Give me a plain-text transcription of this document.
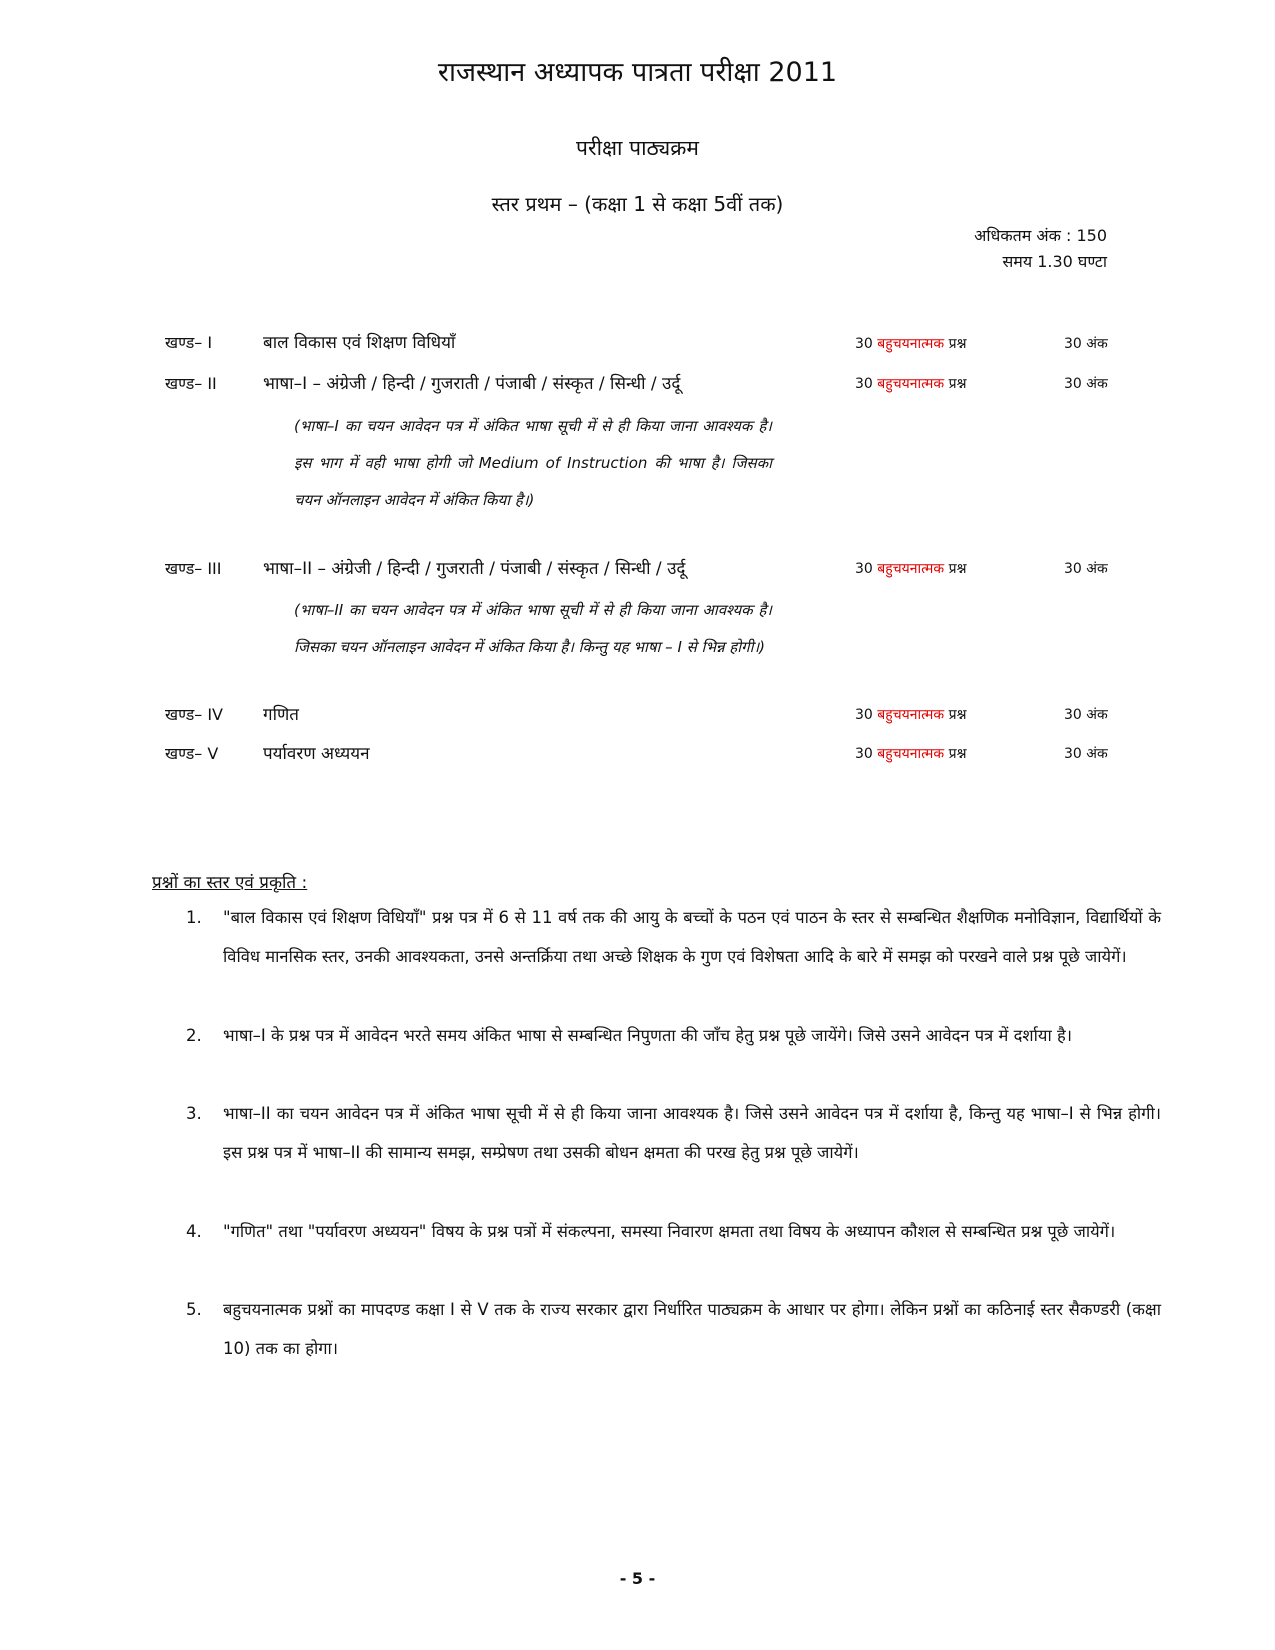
राजस्थान अध्यापक पात्रता परीक्षा 2011
परीक्षा पाठ्यक्रम
स्तर प्रथम – (कक्षा 1 से कक्षा 5वीं तक)
अधिकतम अंक : 150
समय 1.30 घण्टा
खण्ड– I	बाल विकास एवं शिक्षण विधियाँ	30 बहुचयनात्मक प्रश्न	30 अंक
खण्ड– II	भाषा–I – अंग्रेजी / हिन्दी / गुजराती / पंजाबी / संस्कृत / सिन्धी / उर्दू	30 बहुचयनात्मक प्रश्न	30 अंक
(भाषा–I का चयन आवेदन पत्र में अंकित भाषा सूची में से ही किया जाना आवश्यक है। इस भाग में वही भाषा होगी जो Medium of Instruction की भाषा है। जिसका चयन ऑनलाइन आवेदन में अंकित किया है।)
खण्ड– III भाषा–II – अंग्रेजी / हिन्दी / गुजराती / पंजाबी / संस्कृत / सिन्धी / उर्दू	30 बहुचयनात्मक प्रश्न	30 अंक
(भाषा–II का चयन आवेदन पत्र में अंकित भाषा सूची में से ही किया जाना आवश्यक है। जिसका चयन ऑनलाइन आवेदन में अंकित किया है। किन्तु यह भाषा – I से भिन्न होगी।)
खण्ड– IV गणित	30 बहुचयनात्मक प्रश्न	30 अंक
खण्ड– V	पर्यावरण अध्ययन	30 बहुचयनात्मक प्रश्न	30 अंक
प्रश्नों का स्तर एवं प्रकृति :
1.	"बाल विकास एवं शिक्षण विधियाँ" प्रश्न पत्र में 6 से 11 वर्ष तक की आयु के बच्चों के पठन एवं पाठन के स्तर से सम्बन्धित शैक्षणिक मनोविज्ञान, विद्यार्थियों के विविध मानसिक स्तर, उनकी आवश्यकता, उनसे अन्तर्क्रिया तथा अच्छे शिक्षक के गुण एवं विशेषता आदि के बारे में समझ को परखने वाले प्रश्न पूछे जायेगें।
2.	भाषा–I के प्रश्न पत्र में आवेदन भरते समय अंकित भाषा से सम्बन्धित निपुणता की जाँच हेतु प्रश्न पूछे जायेंगे। जिसे उसने आवेदन पत्र में दर्शाया है।
3.	भाषा–II का चयन आवेदन पत्र में अंकित भाषा सूची में से ही किया जाना आवश्यक है। जिसे उसने आवेदन पत्र में दर्शाया है, किन्तु यह भाषा–I से भिन्न होगी। इस प्रश्न पत्र में भाषा–II की सामान्य समझ, सम्प्रेषण तथा उसकी बोधन क्षमता की परख हेतु प्रश्न पूछे जायेगें।
4.	"गणित" तथा "पर्यावरण अध्ययन" विषय के प्रश्न पत्रों में संकल्पना, समस्या निवारण क्षमता तथा विषय के अध्यापन कौशल से सम्बन्धित प्रश्न पूछे जायेगें।
5.	बहुचयनात्मक प्रश्नों का मापदण्ड कक्षा I से V तक के राज्य सरकार द्वारा निर्धारित पाठ्यक्रम के आधार पर होगा। लेकिन प्रश्नों का कठिनाई स्तर सैकण्डरी (कक्षा 10) तक का होगा।
- 5 -
